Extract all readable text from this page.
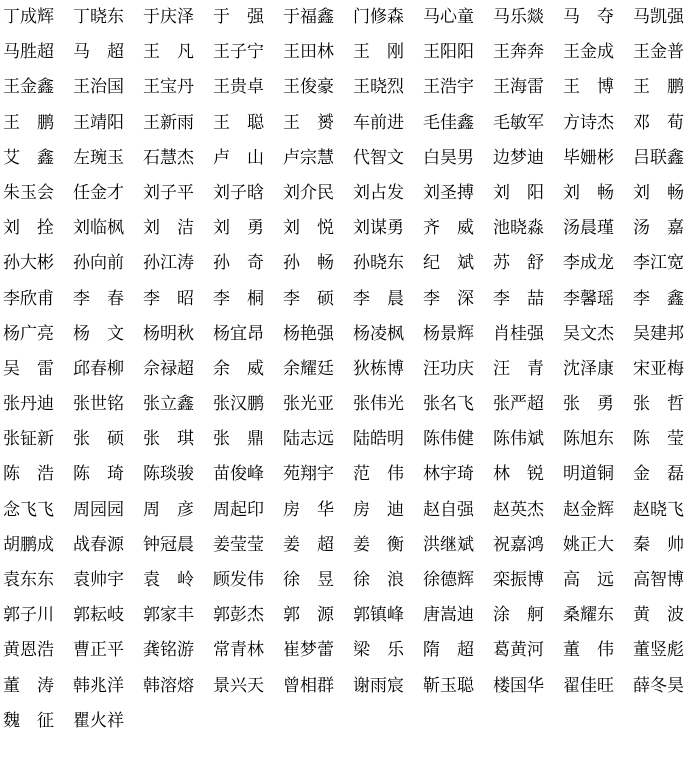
丁成辉	丁晓东	于庆泽	于　强	于福鑫	门修森	马心童	马乐燚	马　夺	马凯强
马胜超	马　超	王　凡	王子宁	王田林	王　刚	王阳阳	王奔奔	王金成	王金普
王金鑫	王治国	王宝丹	王贵卓	王俊豪	王晓烈	王浩宇	王海雷	王　博	王　鹏
王　鹏	王靖阳	王新雨	王　聪	王　赟	车前进	毛佳鑫	毛敏军	方诗杰	邓　荀
艾　鑫	左琬玉	石慧杰	卢　山	卢宗慧	代智文	白昊男	边梦迪	毕姗彬	吕联鑫
朱玉会	任金才	刘子平	刘子晗	刘介民	刘占发	刘圣搏	刘　阳	刘　畅	刘　畅
刘　拴	刘临枫	刘　洁	刘　勇	刘　悦	刘谋勇	齐　威	池晓淼	汤晨瑾	汤　嘉
孙大彬	孙向前	孙江涛	孙　奇	孙　畅	孙晓东	纪　斌	苏　舒	李成龙	李江宽
李欣甫	李　春	李　昭	李　桐	李　硕	李　晨	李　深	李　喆	李馨瑶	李　鑫
杨广亮	杨　文	杨明秋	杨宜昂	杨艳强	杨凌枫	杨景辉	肖桂强	吴文杰	吴建邦
吴　雷	邱春柳	佘禄超	余　威	余耀廷	狄栋博	汪功庆	汪　青	沈泽康	宋亚梅
张丹迪	张世铭	张立鑫	张汉鹏	张光亚	张伟光	张名飞	张严超	张　勇	张　哲
张钲新	张　硕	张　琪	张　鼎	陆志远	陆皓明	陈伟健	陈伟斌	陈旭东	陈　莹
陈　浩	陈　琦	陈琰骏	苗俊峰	苑翔宇	范　伟	林宇琦	林　锐	明道铜	金　磊
念飞飞	周园园	周　彦	周起印	房　华	房　迪	赵自强	赵英杰	赵金辉	赵晓飞
胡鹏成	战春源	钟冠晨	姜莹莹	姜　超	姜　衡	洪继斌	祝嘉鸿	姚正大	秦　帅
袁东东	袁帅宇	袁　岭	顾发伟	徐　昱	徐　浪	徐德辉	栾振博	高　远	高智博
郭子川	郭耘岐	郭家丰	郭彭杰	郭　源	郭镇峰	唐嵩迪	涂　舸	桑耀东	黄　波
黄恩浩	曹正平	龚铭游	常青林	崔梦蕾	梁　乐	隋　超	葛黄河	董　伟	董竖彪
董　涛	韩兆洋	韩溶熔	景兴天	曾相群	谢雨宸	靳玉聪	楼国华	翟佳旺	薛冬昊
魏　征	瞿火祥
